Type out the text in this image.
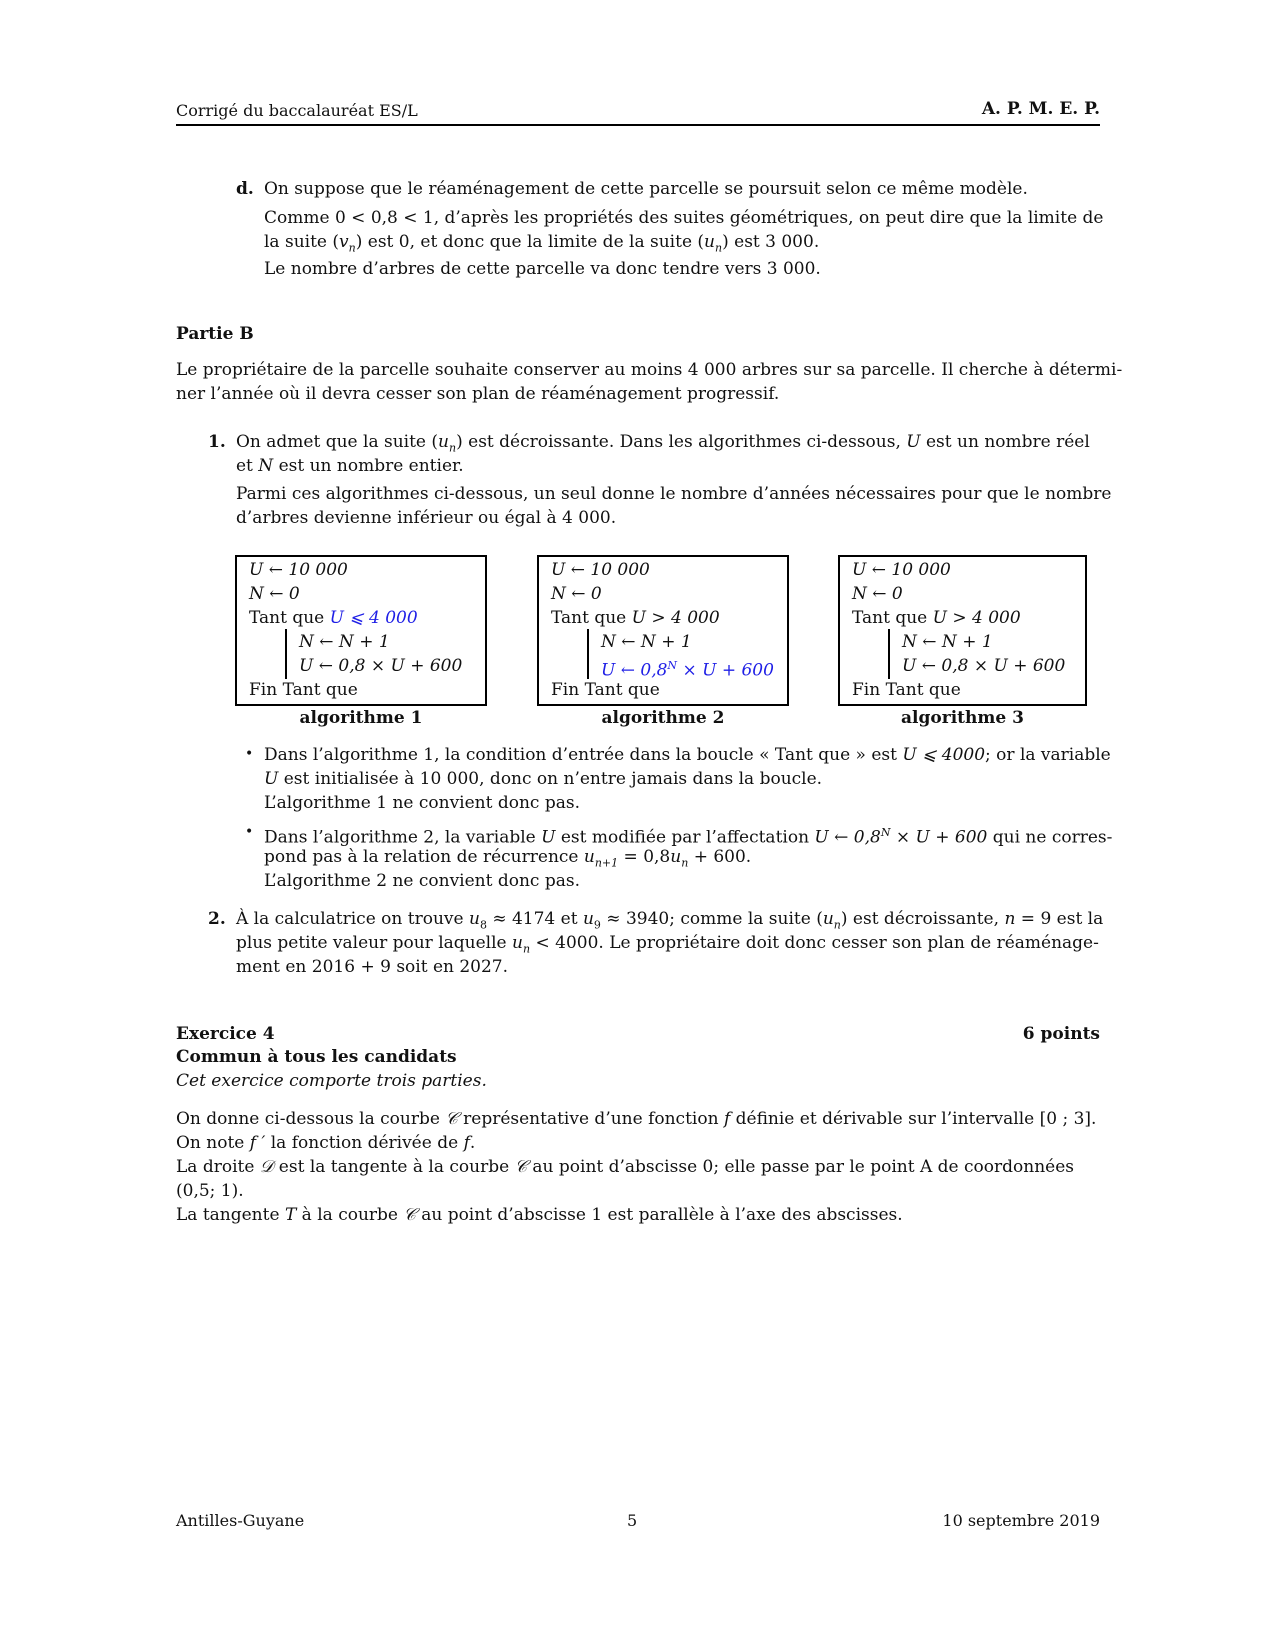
Corrigé du baccalauréat ES/L	A. P. M. E. P.
d. On suppose que le réaménagement de cette parcelle se poursuit selon ce même modèle.
Comme 0 < 0,8 < 1, d’après les propriétés des suites géométriques, on peut dire que la limite de
la suite $(v_n)$ est 0, et donc que la limite de la suite $(u_n)$ est 3 000.
Le nombre d’arbres de cette parcelle va donc tendre vers 3 000.
Partie B
Le propriétaire de la parcelle souhaite conserver au moins 4 000 arbres sur sa parcelle. Il cherche à détermi-
ner l’année où il devra cesser son plan de réaménagement progressif.
1. On admet que la suite $(u_n)$ est décroissante. Dans les algorithmes ci-dessous, U est un nombre réel
et N est un nombre entier.
Parmi ces algorithmes ci-dessous, un seul donne le nombre d’années nécessaires pour que le nombre
d’arbres devienne inférieur ou égal à 4 000.
U ← 10 000
N ← 0
Tant que U ⩽ 4 000
N ← N + 1
U ← 0,8 × U + 600
Fin Tant que
algorithme 1
U ← 10 000
N ← 0
Tant que U > 4 000
N ← N + 1
U ← $0,8^N \times U + 600$
Fin Tant que
algorithme 2
U ← 10 000
N ← 0
Tant que U > 4 000
N ← N + 1
U ← 0,8 × U + 600
Fin Tant que
algorithme 3
• Dans l’algorithme 1, la condition d’entrée dans la boucle « Tant que » est U ⩽ 4000; or la variable
U est initialisée à 10 000, donc on n’entre jamais dans la boucle.
L’algorithme 1 ne convient donc pas.
• Dans l’algorithme 2, la variable U est modifiée par l’affectation U ← $0,8^N \times U + 600$ qui ne corres-
pond pas à la relation de récurrence $u_{n+1} = 0,8u_n + 600$.
L’algorithme 2 ne convient donc pas.
2. À la calculatrice on trouve $u_8 \approx 4174$ et $u_9 \approx 3940$; comme la suite $(u_n)$ est décroissante, n = 9 est la
plus petite valeur pour laquelle $u_n < 4000$. Le propriétaire doit donc cesser son plan de réaménage-
ment en 2016 + 9 soit en 2027.
Exercice 4	6 points
Commun à tous les candidats
Cet exercice comporte trois parties.
On donne ci-dessous la courbe 𝒞 représentative d’une fonction f définie et dérivable sur l’intervalle [0 ; 3].
On note f ′ la fonction dérivée de f.
La droite 𝒟 est la tangente à la courbe 𝒞 au point d’abscisse 0; elle passe par le point A de coordonnées
(0,5; 1).
La tangente T à la courbe 𝒞 au point d’abscisse 1 est parallèle à l’axe des abscisses.
Antilles-Guyane	5	10 septembre 2019
